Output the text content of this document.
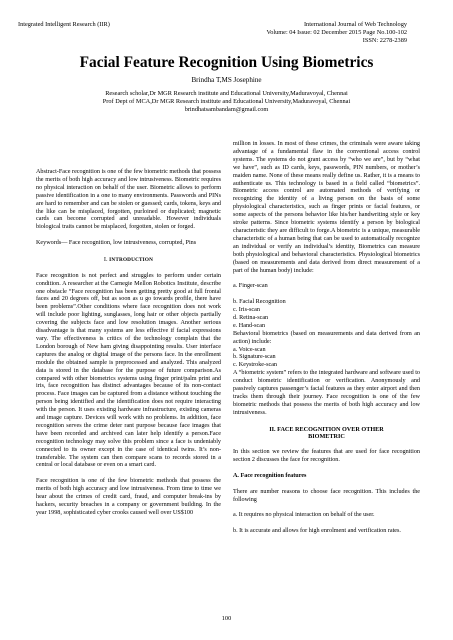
Integrated Intelligent Research (IIR)	International Journal of Web Technology
Volume: 04 Issue: 02 December 2015 Page No.100-102
ISSN: 2278-2389
Facial Feature Recognition Using Biometrics
Brindha T,MS Josephine
Research scholar,Dr MGR Research institute and Educational University,Maduravoyal, Chennai
Prof Dept of MCA,Dr MGR Research institute and Educational University,Maduravoyal, Chennai
brindhatsambandam@gmail.com

Abstract-Face recognition is one of the few biometric methods that possess the merits of both high accuracy and low intrusiveness. Biometric requires no physical interaction on behalf of the user. Biometric allows to perform passive identification in a one to many environments. Passwords and PINs are hard to remember and can be stolen or guessed; cards, tokens, keys and the like can be misplaced, forgotten, purloined or duplicated; magnetic cards can become corrupted and unreadable. However individuals biological traits cannot be misplaced, forgotten, stolen or forged.

Keywords— Face recognition, low intrusiveness, corrupted, Pins

I. INTRODUCTION

Face recognition is not perfect and struggles to perform under certain condition. A researcher at the Carnegie Mellon Robotics Institute, describe one obstacle “Face recognition has been getting pretty good at full frontal faces and 20 degrees off, but as soon as u go towards profile, there have been problems”.Other conditions where face recognition does not work will include poor lighting, sunglasses, long hair or other objects partially covering the subjects face and low resolution images. Another serious disadvantage is that many systems are less effective if facial expressions vary. The effectiveness is critics of the technology complain that the London borough of New ham giving disappointing results. User interface captures the analog or digital image of the persons face. In the enrollment module the obtained sample is preprocessed and analyzed. This analyzed data is stored in the database for the purpose of future comparison.As compared with other biometrics systems using finger print/palm print and iris, face recognition has distinct advantages because of its non-contact process. Face images can be captured from a distance without touching the person being identified and the identification does not require interacting with the person. It uses existing hardware infrastructure, existing cameras and image capture. Devices will work with no problems. In addition, face recognition serves the crime deter rant purpose because face images that have been recorded and archived can later help identify a person.Face recognition technology may solve this problem since a face is undeniably connected to its owner except in the case of identical twins. It’s non-transferable. The system can then compare scans to records stored in a central or local database or even on a smart card.

Face recognition is one of the few biometric methods that possess the merits of both high accuracy and low intrusiveness. From time to time we hear about the crimes of credit card, fraud, and computer break-ins by hackers, security breaches in a company or government building. In the year 1998, sophisticated cyber crooks caused well over US$100

million in losses. In most of these crimes, the criminals were aware taking advantage of a fundamental flaw in the conventional access control systems. The systems do not grant access by “who we are”, but by “what we have”, such as ID cards, keys, passwords, PIN numbers, or mother’s maiden name. None of these means really define us. Rather, it is a means to authenticate us. This technology is based in a field called “biometrics”. Biometric access control are automated methods of verifying or recognizing the identity of a living person on the basis of some physiological characteristics, such as finger prints or facial features, or some aspects of the persons behavior like his/her handwriting style or key stroke patterns. Since biometric systems identify a person by biological characteristic they are difficult to forge.A biometric is a unique, measurable characteristic of a human being that can be used to automatically recognize an individual or verify an individual’s identity, Biometrics can measure both physiological and behavioral characteristics. Physiological biometrics (based on measurements and data derived from direct measurement of a part of the human body) include:

a. Finger-scan
b. Facial Recognition
c. Iris-scan
d. Retina-scan
e. Hand-scan

Behavioral biometrics (based on measurements and data derived from an action) include:

a. Voice-scan
b. Signature-scan
c. Keystroke-scan

A “biometric system” refers to the integrated hardware and software used to conduct biometric identification or verification. Anonymously and passively captures passenger’s facial features as they enter airport and then tracks them through their journey. Face recognition is one of the few biometric methods that possess the merits of both high accuracy and low intrusiveness.

II. FACE RECOGNITION OVER OTHER
BIOMETRIC

In this section we review the features that are used for face recognition section 2 discusses the face for recognition.

A. Face recognition features

There are number reasons to choose face recognition. This includes the following

a. It requires no physical interaction on behalf of the user.

b. It is accurate and allows for high enrolment and verification rates.

100
